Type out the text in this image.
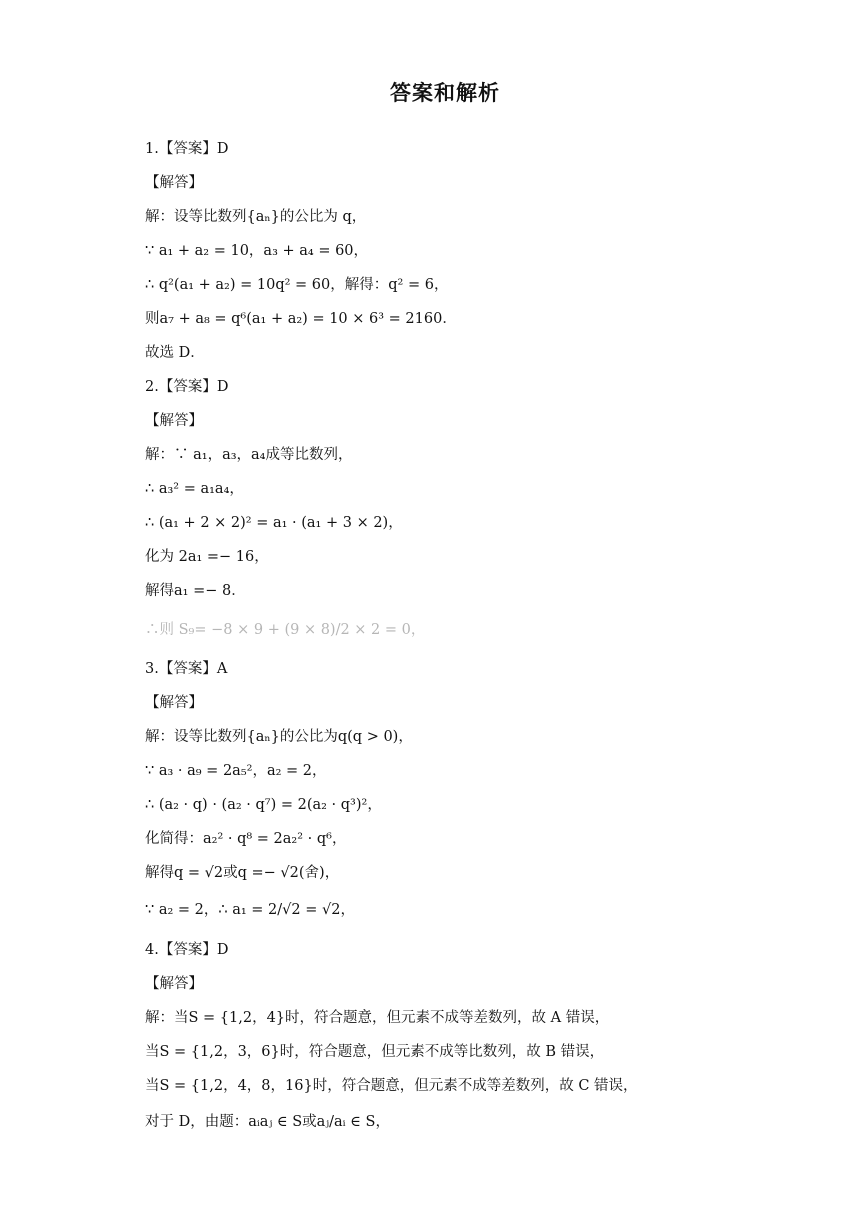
答案和解析
1.【答案】D
【解答】
解：设等比数列{aₙ}的公比为 q，
∵ a₁ + a₂ = 10，a₃ + a₄ = 60，
∴ q²(a₁ + a₂) = 10q² = 60，解得：q² = 6，
则a₇ + a₈ = q⁶(a₁ + a₂) = 10 × 6³ = 2160．
故选 D．
2.【答案】D
【解答】
解：∵ a₁，a₃，a₄成等比数列，
∴ a₃² = a₁a₄，
∴ (a₁ + 2 × 2)² = a₁ · (a₁ + 3 × 2)，
化为 2a₁ =− 16，
解得a₁ =− 8．
∴则 S₉= −8 × 9 + (9 × 8)/2 × 2 = 0，
3.【答案】A
【解答】
解：设等比数列{aₙ}的公比为q(q > 0)，
∵ a₃ · a₉ = 2a₅²，a₂ = 2，
∴ (a₂ · q) · (a₂ · q⁷) = 2(a₂ · q³)²，
化简得：a₂² · q⁸ = 2a₂² · q⁶，
解得q = √2或q =− √2(舍)，
∵ a₂ = 2，∴ a₁ = 2/√2 = √2，
4.【答案】D
【解答】
解：当S = {1,2，4}时，符合题意，但元素不成等差数列，故 A 错误，
当S = {1,2，3，6}时，符合题意，但元素不成等比数列，故 B 错误，
当S = {1,2，4，8，16}时，符合题意，但元素不成等差数列，故 C 错误，
对于 D，由题：aᵢaⱼ ∈ S或aⱼ/aᵢ ∈ S，
